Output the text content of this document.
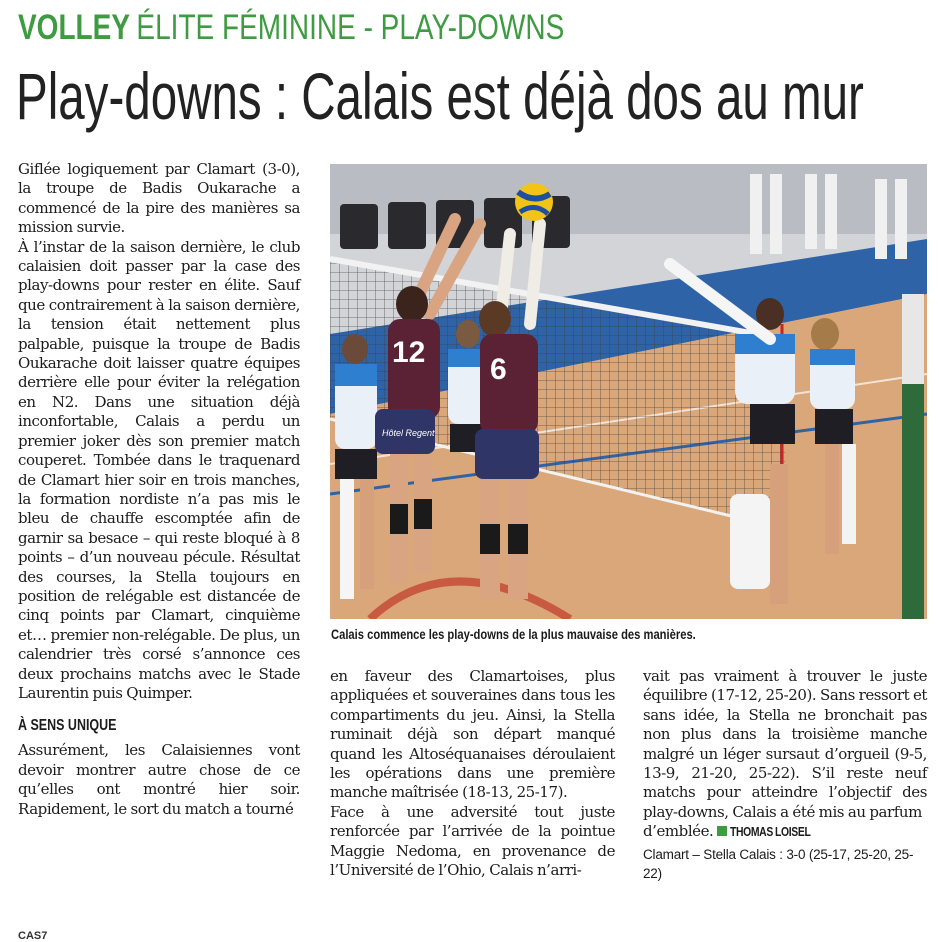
VOLLEY ÉLITE FÉMININE - PLAY-DOWNS
Play-downs : Calais est déjà dos au mur

Giflée logiquement par Clamart (3-0), la troupe de Badis Oukarache a commencé de la pire des manières sa mission survie.

À l’instar de la saison dernière, le club calaisien doit passer par la case des play-downs pour rester en élite. Sauf que contrairement à la saison dernière, la tension était nettement plus palpable, puisque la troupe de Badis Oukarache doit laisser quatre équipes derrière elle pour éviter la relégation en N2. Dans une situation déjà inconfortable, Calais a perdu un premier joker dès son premier match couperet. Tombée dans le traquenard de Clamart hier soir en trois manches, la formation nordiste n’a pas mis le bleu de chauffe escomptée afin de garnir sa besace – qui reste bloqué à 8 points – d’un nouveau pécule. Résultat des courses, la Stella toujours en position de relégable est distancée de cinq points par Clamart, cinquième et… premier non-relégable. De plus, un calendrier très corsé s’annonce ces deux prochains matchs avec le Stade Laurentin puis Quimper.

À SENS UNIQUE

Assurément, les Calaisiennes vont devoir montrer autre chose de ce qu’elles ont montré hier soir. Rapidement, le sort du match a tourné

12
Hôtel Regent
6
Calais commence les play-downs de la plus mauvaise des manières.

en faveur des Clamartoises, plus appliquées et souveraines dans tous les compartiments du jeu. Ainsi, la Stella ruminait déjà son départ manqué quand les Altoséquanaises déroulaient les opérations dans une première manche maîtrisée (18-13, 25-17).

Face à une adversité tout juste renforcée par l’arrivée de la pointue Maggie Nedoma, en provenance de l’Université de l’Ohio, Calais n’arri-

vait pas vraiment à trouver le juste équilibre (17-12, 25-20). Sans ressort et sans idée, la Stella ne bronchait pas non plus dans la troisième manche malgré un léger sursaut d’orgueil (9-5, 13-9, 21-20, 25-22). S’il reste neuf matchs pour atteindre l’objectif des play-downs, Calais a été mis au parfum

d’emblée. THOMAS LOISEL

Clamart – Stella Calais : 3-0 (25-17, 25-20, 25-22)
CAS7
